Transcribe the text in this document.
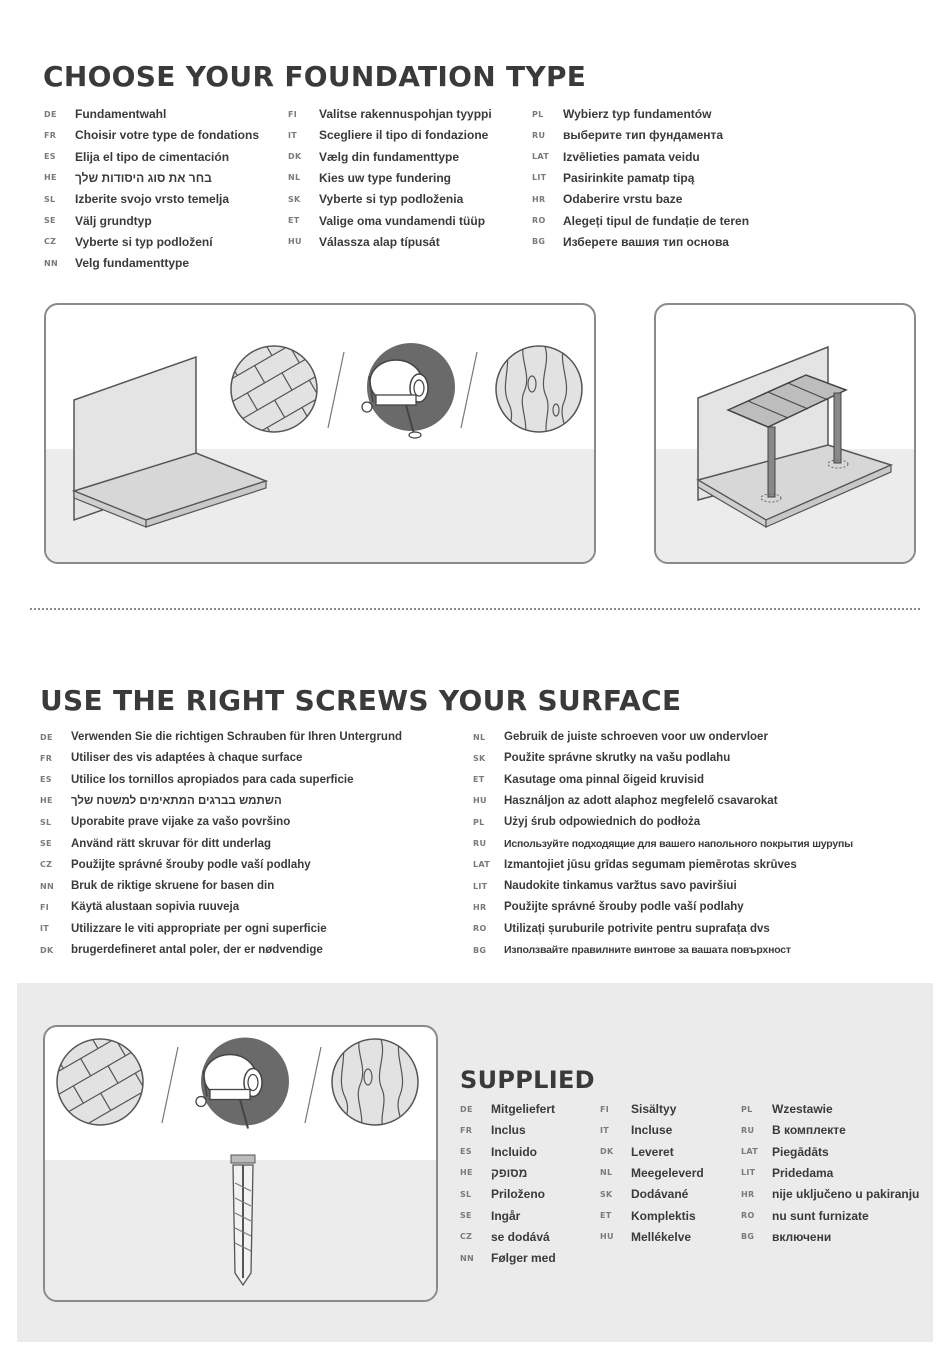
CHOOSE YOUR FOUNDATION TYPE
DE Fundamentwahl
FR Choisir votre type de fondations
ES Elija el tipo de cimentación
HE בחר את סוג היסודות שלך
SL Izberite svojo vrsto temelja
SE Välj grundtyp
CZ Vyberte si typ podložení
NN Velg fundamenttype
FI Valitse rakennuspohjan tyyppi
IT Scegliere il tipo di fondazione
DK Vælg din fundamenttype
NL Kies uw type fundering
SK Vyberte si typ podloženia
ET Valige oma vundamendi tüüp
HU Válassza alap típusát
PL Wybierz typ fundamentów
RU выберите тип фундамента
LAT Izvēlieties pamata veidu
LIT Pasirinkite pamatp tipą
HR Odaberire vrstu baze
RO Alegeți tipul de fundație de teren
BG Изберете вашия тип основа
USE THE RIGHT SCREWS YOUR SURFACE
DE Verwenden Sie die richtigen Schrauben für Ihren Untergrund
FR Utiliser des vis adaptées à chaque surface
ES Utilice los tornillos apropiados para cada superficie
HE השתמש בברגים המתאימים למשטח שלך
SL Uporabite prave vijake za vašo površino
SE Använd rätt skruvar för ditt underlag
CZ Použijte správné šrouby podle vaší podlahy
NN Bruk de riktige skruene for basen din
FI Käytä alustaan sopivia ruuveja
IT Utilizzare le viti appropriate per ogni superficie
DK brugerdefineret antal poler, der er nødvendige
NL Gebruik de juiste schroeven voor uw ondervloer
SK Použite správne skrutky na vašu podlahu
ET Kasutage oma pinnal õigeid kruvisid
HU Használjon az adott alaphoz megfelelő csavarokat
PL Użyj śrub odpowiednich do podłoża
RU Используйте подходящие для вашего напольного покрытия шурупы
LAT Izmantojiet jūsu grīdas segumam piemērotas skrūves
LIT Naudokite tinkamus varžtus savo paviršiui
HR Použijte správné šrouby podle vaší podlahy
RO Utilizați șuruburile potrivite pentru suprafața dvs
BG Използвайте правилните винтове за вашата повърхност
SUPPLIED
DE Mitgeliefert
FR Inclus
ES Incluido
HE מסופק
SL Priloženo
SE Ingår
CZ se dodává
NN Følger med
FI Sisältyy
IT Incluse
DK Leveret
NL Meegeleverd
SK Dodávané
ET Komplektis
HU Mellékelve
PL Wzestawie
RU В комплекте
LAT Piegādāts
LIT Pridedama
HR nije uključeno u pakiranju
RO nu sunt furnizate
BG включени
